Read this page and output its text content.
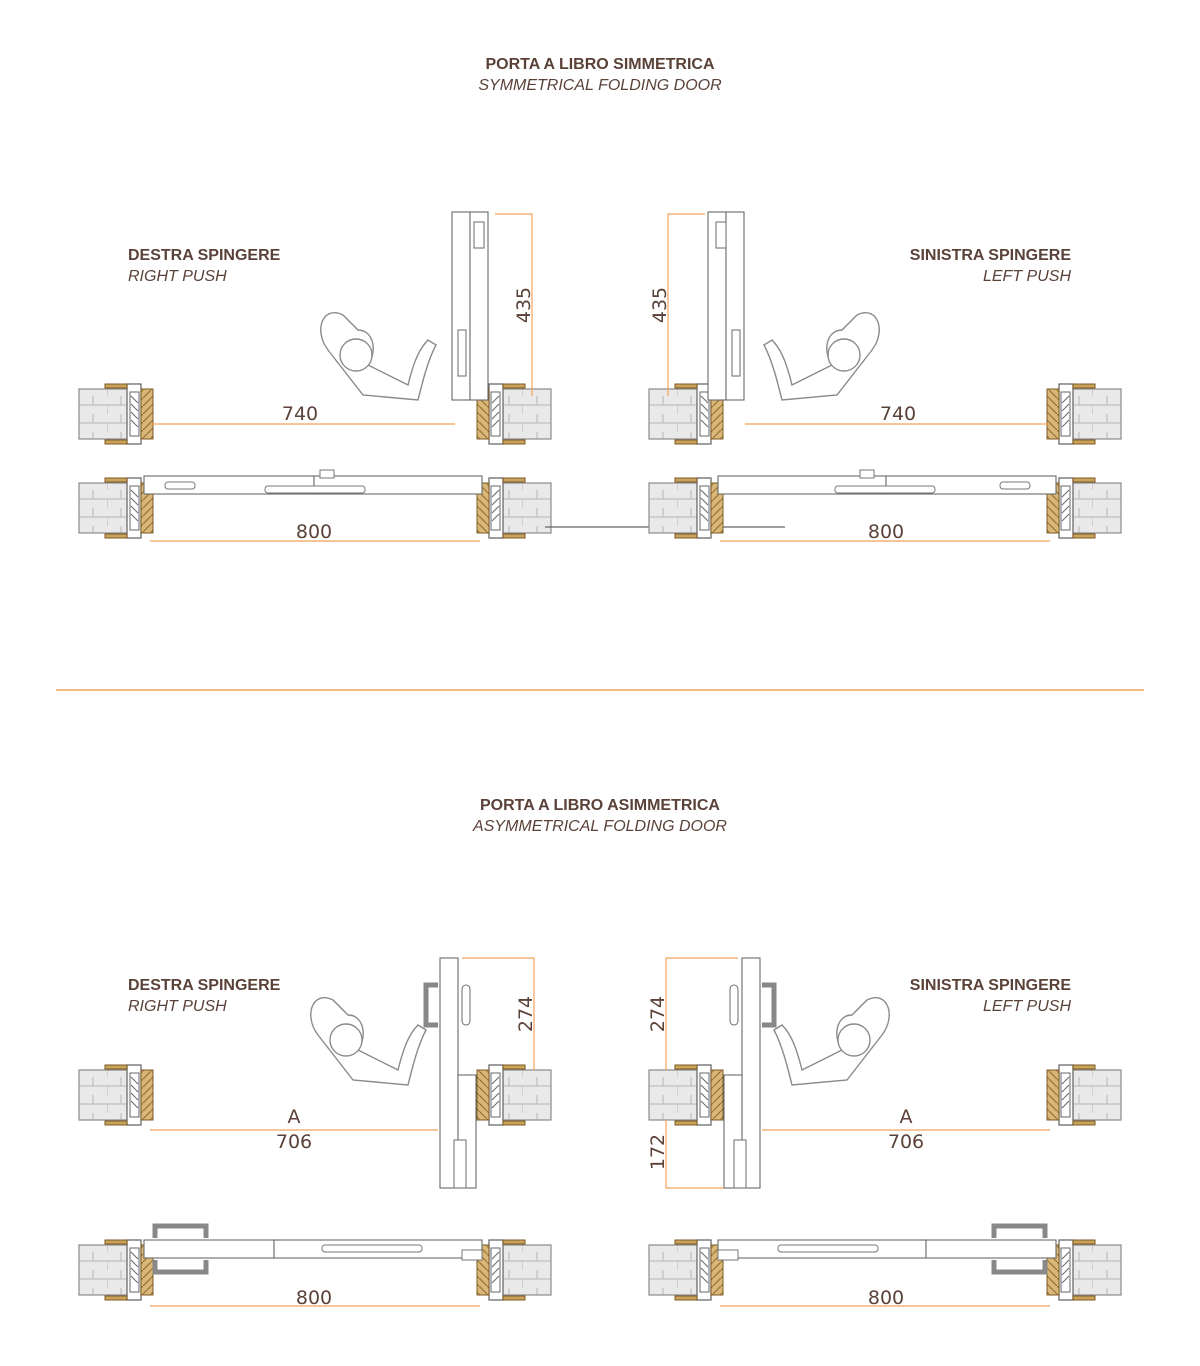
PORTA A LIBRO SIMMETRICA
SYMMETRICAL FOLDING DOOR
DESTRA SPINGERE
RIGHT PUSH
SINISTRA SPINGERE
LEFT PUSH
740
435
740
435
800	800
PORTA A LIBRO ASIMMETRICA
ASYMMETRICAL FOLDING DOOR
DESTRA SPINGERE
RIGHT PUSH
SINISTRA SPINGERE
LEFT PUSH
A
706
274
A
706
274
172
800	800
